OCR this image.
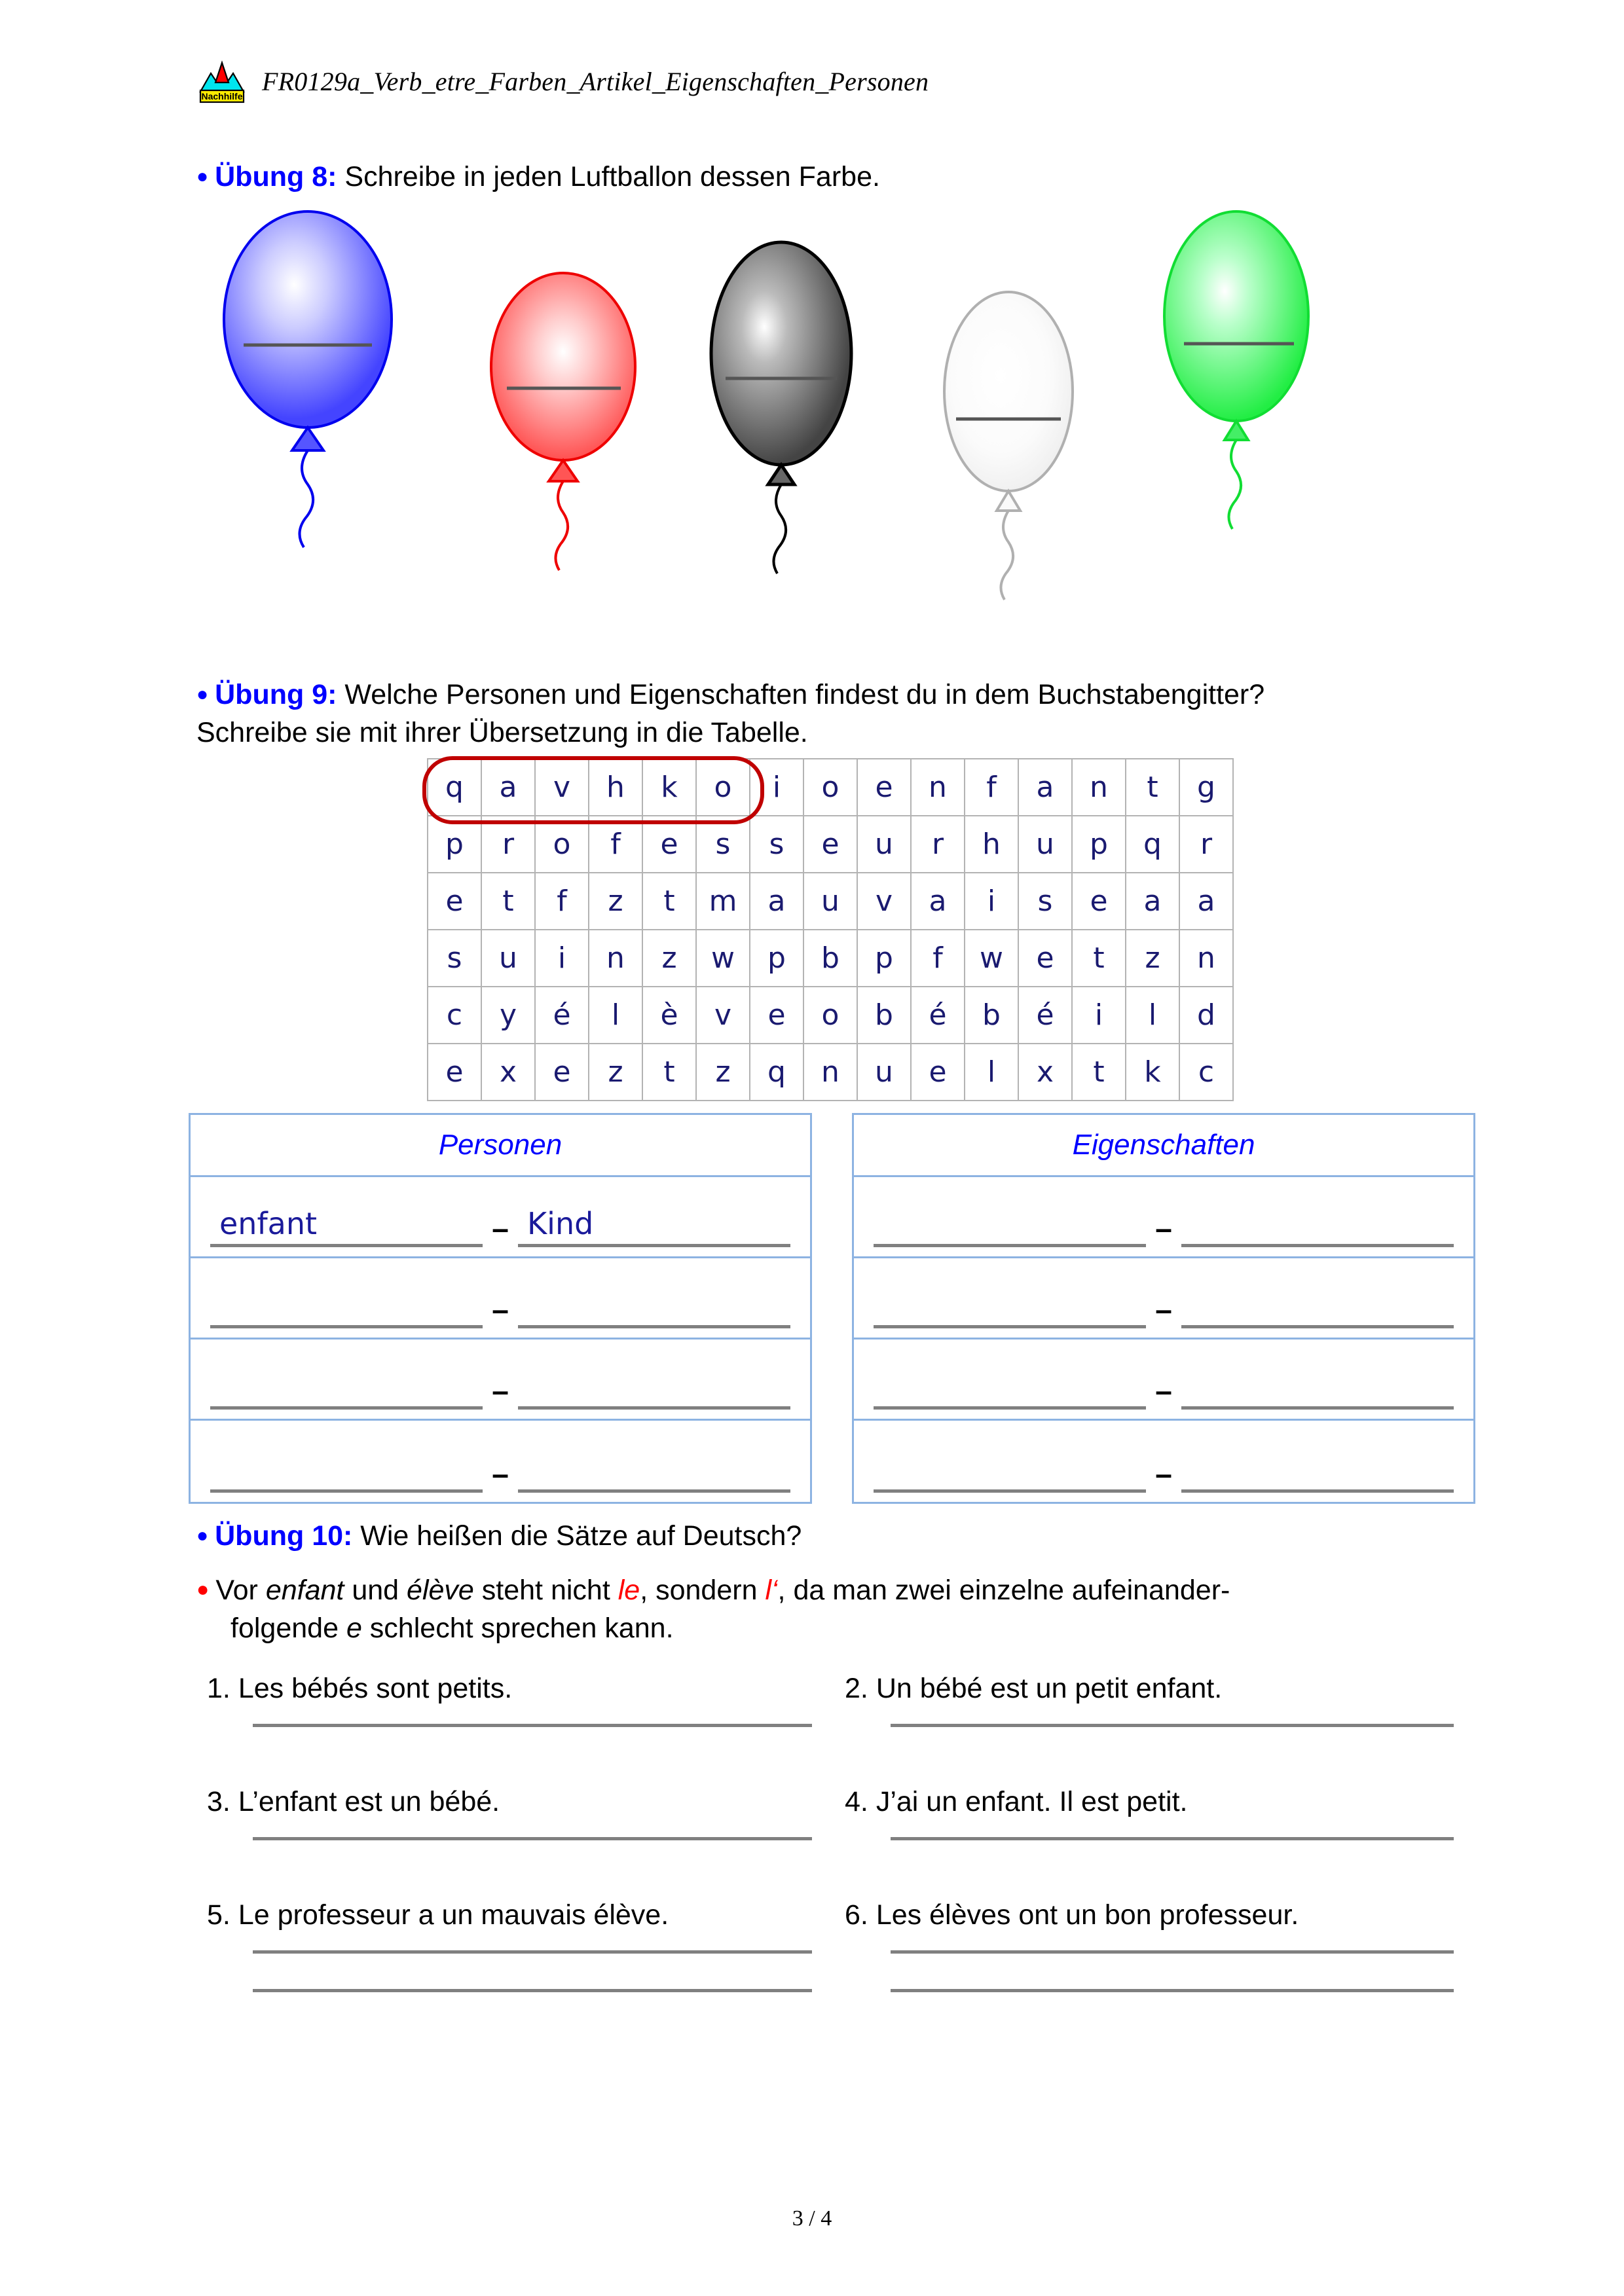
Nachhilfe
FR0129a_Verb_etre_Farben_Artikel_Eigenschaften_Personen
● Übung 8: Schreibe in jeden Luftballon dessen Farbe.
● Übung 9: Welche Personen und Eigenschaften findest du in dem Buchstabengitter?
Schreibe sie mit ihrer Übersetzung in die Tabelle.
q	a	v	h	k	o	i	o	e	n	f	a	n	t	g
p	r	o	f	e	s	s	e	u	r	h	u	p	q	r
e	t	f	z	t	m	a	u	v	a	i	s	e	a	a
s	u	i	n	z	w	p	b	p	f	w	e	t	z	n
c	y	é	l	è	v	e	o	b	é	b	é	i	l	d
e	x	e	z	t	z	q	n	u	e	l	x	t	k	c
Personen
enfant	– Kind
–
–
–
Eigenschaften
–
–
–
–
● Übung 10: Wie heißen die Sätze auf Deutsch?
● Vor enfant und élève steht nicht le, sondern l‘, da man zwei einzelne aufeinander-

folgende e schlecht sprechen kann.
1. Les bébés sont petits.	2. Un bébé est un petit enfant.
3. L’enfant est un bébé.	4. J’ai un enfant. Il est petit.
5. Le professeur a un mauvais élève.	6. Les élèves ont un bon professeur.
3 / 4
